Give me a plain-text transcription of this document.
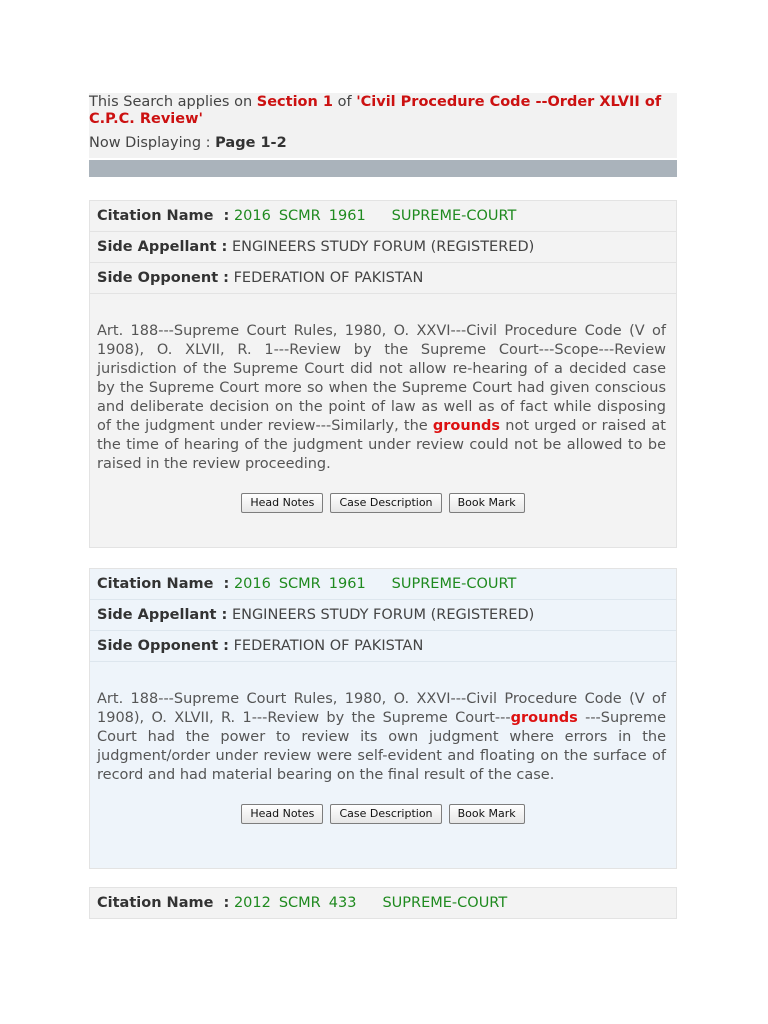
This Search applies on Section 1 of 'Civil Procedure Code --Order XLVII of C.P.C. Review'
Now Displaying : Page 1-2
Citation Name  : 2016 SCMR 1961 SUPREME-COURT
Side Appellant : ENGINEERS STUDY FORUM (REGISTERED)
Side Opponent : FEDERATION OF PAKISTAN
Art. 188---Supreme Court Rules, 1980, O. XXVI---Civil Procedure Code (V of 1908), O. XLVII, R. 1---Review by the Supreme Court---Scope---Review jurisdiction of the Supreme Court did not allow re-hearing of a decided case by the Supreme Court more so when the Supreme Court had given conscious and deliberate decision on the point of law as well as of fact while disposing of the judgment under review---Similarly, the grounds not urged or raised at the time of hearing of the judgment under review could not be allowed to be raised in the review proceeding.
Head Notes Case Description Book Mark
Citation Name  : 2016 SCMR 1961 SUPREME-COURT
Side Appellant : ENGINEERS STUDY FORUM (REGISTERED)
Side Opponent : FEDERATION OF PAKISTAN
Art. 188---Supreme Court Rules, 1980, O. XXVI---Civil Procedure Code (V of 1908), O. XLVII, R. 1---Review by the Supreme Court---grounds ---Supreme Court had the power to review its own judgment where errors in the judgment/order under review were self-evident and floating on the surface of record and had material bearing on the final result of the case.
Head Notes Case Description Book Mark
Citation Name  : 2012 SCMR 433 SUPREME-COURT
